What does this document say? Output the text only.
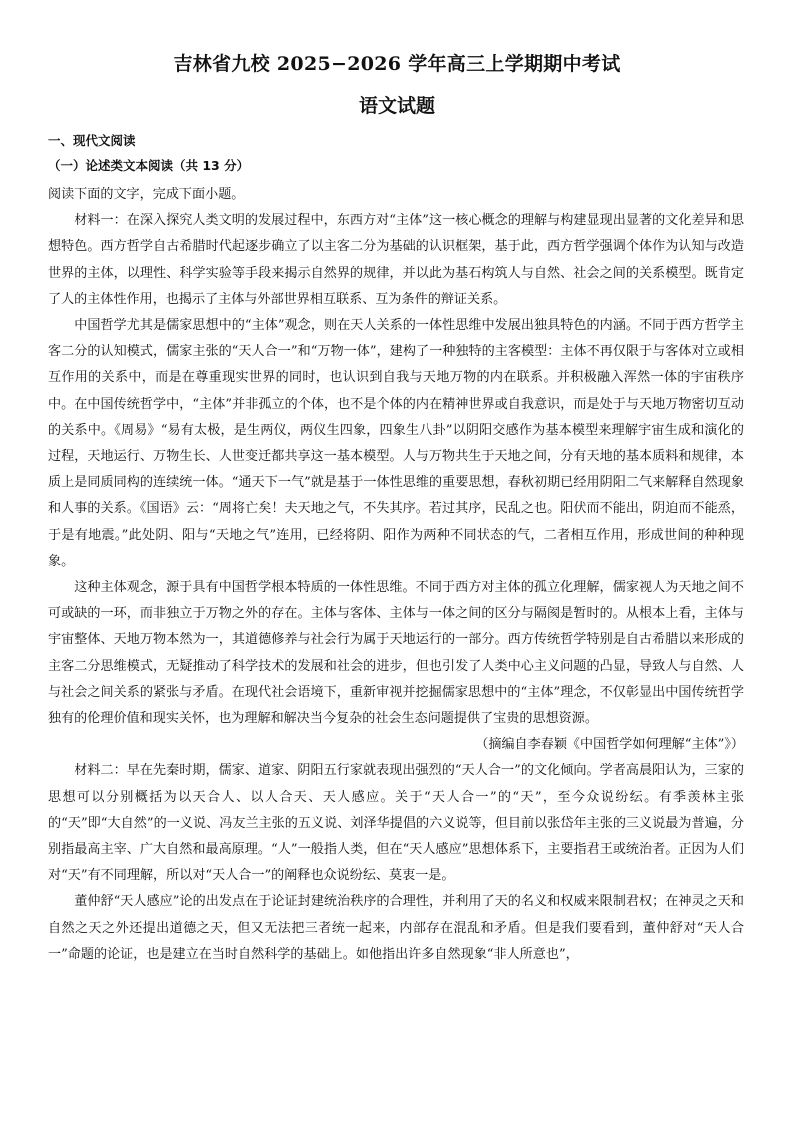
吉林省九校 2025−2026 学年高三上学期期中考试
语文试题
一、现代文阅读
（一）论述类文本阅读（共 13 分）

阅读下面的文字，完成下面小题。

材料一：在深入探究人类文明的发展过程中，东西方对“主体”这一核心概念的理解与构建显现出显著的文化差异和思想特色。西方哲学自古希腊时代起逐步确立了以主客二分为基础的认识框架，基于此，西方哲学强调个体作为认知与改造世界的主体，以理性、科学实验等手段来揭示自然界的规律，并以此为基石构筑人与自然、社会之间的关系模型。既肯定了人的主体性作用，也揭示了主体与外部世界相互联系、互为条件的辩证关系。

中国哲学尤其是儒家思想中的“主体”观念，则在天人关系的一体性思维中发展出独具特色的内涵。不同于西方哲学主客二分的认知模式，儒家主张的“天人合一”和“万物一体”，建构了一种独特的主客模型：主体不再仅限于与客体对立或相互作用的关系中，而是在尊重现实世界的同时，也认识到自我与天地万物的内在联系。并积极融入浑然一体的宇宙秩序中。在中国传统哲学中，“主体”并非孤立的个体，也不是个体的内在精神世界或自我意识，而是处于与天地万物密切互动的关系中。《周易》“易有太极，是生两仪，两仪生四象，四象生八卦”以阴阳交感作为基本模型来理解宇宙生成和演化的过程，天地运行、万物生长、人世变迁都共享这一基本模型。人与万物共生于天地之间，分有天地的基本质料和规律，本质上是同质同构的连续统一体。“通天下一气”就是基于一体性思维的重要思想，春秋初期已经用阴阳二气来解释自然现象和人事的关系。《国语》云：“周将亡矣！夫天地之气，不失其序。若过其序，民乱之也。阳伏而不能出，阴迫而不能烝，于是有地震。”此处阴、阳与“天地之气”连用，已经将阴、阳作为两种不同状态的气，二者相互作用，形成世间的种种现象。

这种主体观念，源于具有中国哲学根本特质的一体性思维。不同于西方对主体的孤立化理解，儒家视人为天地之间不可或缺的一环，而非独立于万物之外的存在。主体与客体、主体与一体之间的区分与隔阂是暂时的。从根本上看，主体与宇宙整体、天地万物本然为一，其道德修养与社会行为属于天地运行的一部分。西方传统哲学特别是自古希腊以来形成的主客二分思维模式，无疑推动了科学技术的发展和社会的进步，但也引发了人类中心主义问题的凸显，导致人与自然、人与社会之间关系的紧张与矛盾。在现代社会语境下，重新审视并挖掘儒家思想中的“主体”理念，不仅彰显出中国传统哲学独有的伦理价值和现实关怀，也为理解和解决当今复杂的社会生态问题提供了宝贵的思想资源。

（摘编自李春颖《中国哲学如何理解“主体”》）

材料二：早在先秦时期，儒家、道家、阴阳五行家就表现出强烈的“天人合一”的文化倾向。学者高晨阳认为，三家的思想可以分别概括为以天合人、以人合天、天人感应。关于“天人合一”的“天”，至今众说纷纭。有季羡林主张的“天”即“大自然”的一义说、冯友兰主张的五义说、刘泽华提倡的六义说等，但目前以张岱年主张的三义说最为普遍，分别指最高主宰、广大自然和最高原理。“人”一般指人类，但在“天人感应”思想体系下，主要指君王或统治者。正因为人们对“天”有不同理解，所以对“天人合一”的阐释也众说纷纭、莫衷一是。

董仲舒“天人感应”论的出发点在于论证封建统治秩序的合理性，并利用了天的名义和权威来限制君权；在神灵之天和自然之天之外还提出道德之天，但又无法把三者统一起来，内部存在混乱和矛盾。但是我们要看到，董仲舒对“天人合一”命题的论证，也是建立在当时自然科学的基础上。如他指出许多自然现象“非人所意也”，
